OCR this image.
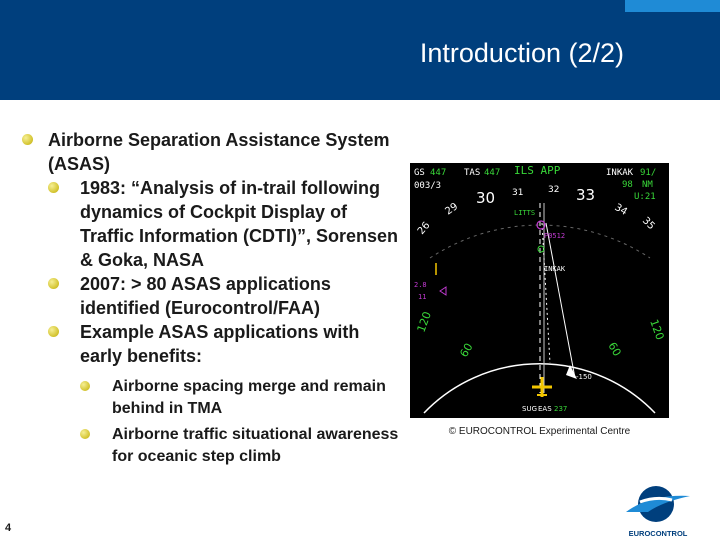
Introduction (2/2)
Airborne Separation Assistance System (ASAS)
1983: “Analysis of in-trail following dynamics of Cockpit Display of Traffic Information (CDTI)”, Sorensen & Goka, NASA
2007: > 80 ASAS applications identified (Eurocontrol/FAA)
Example ASAS applications with early benefits:
Airborne spacing merge and remain behind in TMA
Airborne traffic situational awareness for oceanic step climb
GS 447 TAS 447 ILS APP	INKAK 91/
003/3	98 NM
U:21
26
29
30 31	32 33
34
35
LITTS
P0512
INKAK
2.8
11
120
60	60
120
-150
SUG EAS 237
© EUROCONTROL Experimental Centre
4	EUROCONTROL
